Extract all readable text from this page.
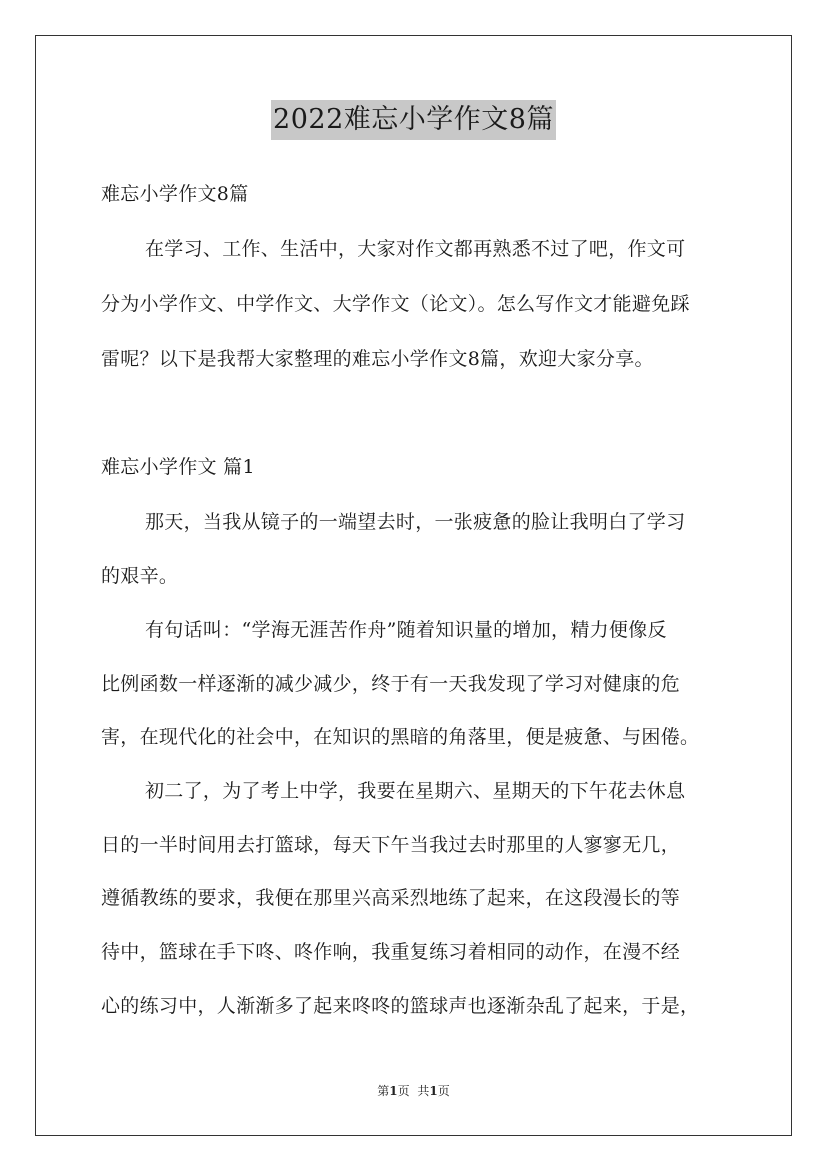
2022难忘小学作文8篇
难忘小学作文8篇
在学习、工作、生活中，大家对作文都再熟悉不过了吧，作文可
分为小学作文、中学作文、大学作文（论文）。怎么写作文才能避免踩
雷呢？以下是我帮大家整理的难忘小学作文8篇，欢迎大家分享。
难忘小学作文 篇1
那天，当我从镜子的一端望去时，一张疲惫的脸让我明白了学习
的艰辛。
有句话叫：“学海无涯苦作舟”随着知识量的增加，精力便像反
比例函数一样逐渐的减少减少，终于有一天我发现了学习对健康的危
害，在现代化的社会中，在知识的黑暗的角落里，便是疲惫、与困倦。
初二了，为了考上中学，我要在星期六、星期天的下午花去休息
日的一半时间用去打篮球，每天下午当我过去时那里的人寥寥无几，
遵循教练的要求，我便在那里兴高采烈地练了起来，在这段漫长的等
待中，篮球在手下咚、咚作响，我重复练习着相同的动作，在漫不经
心的练习中，人渐渐多了起来咚咚的篮球声也逐渐杂乱了起来，于是，
第1页 共1页
